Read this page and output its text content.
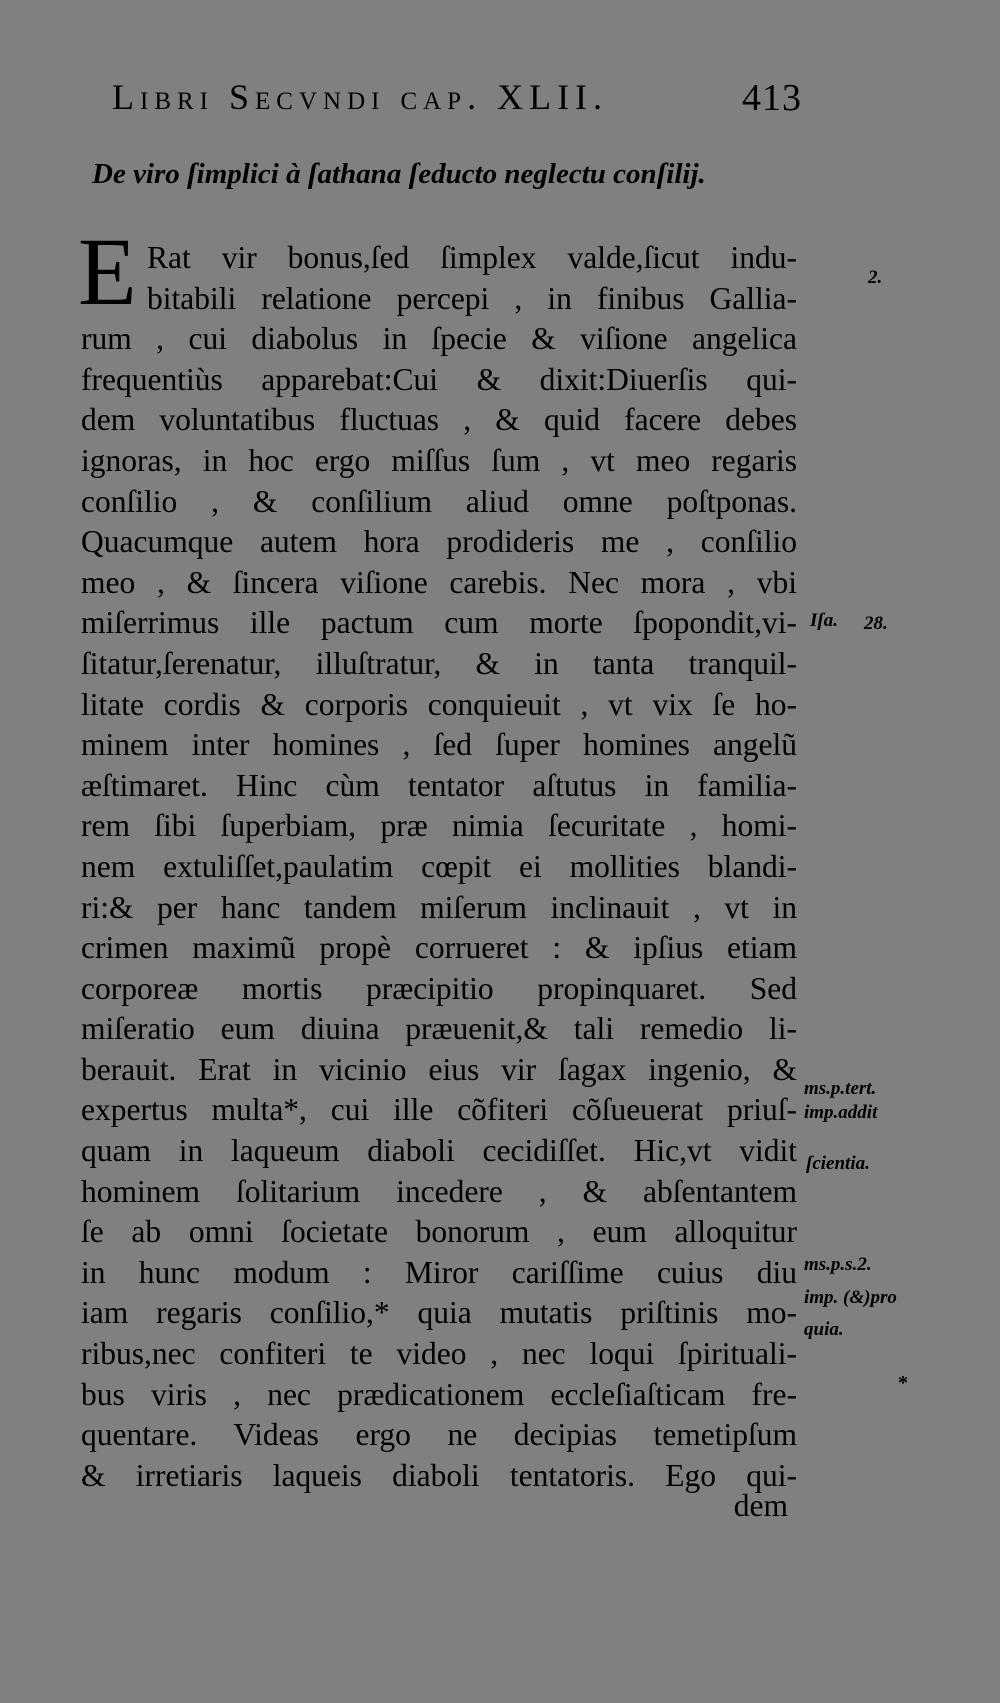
Libri Secvndi cap. XLII.	413
De viro ſimplici à ſathana ſeducto neglectu conſilij.
E Rat vir bonus,ſed ſimplex valde,ſicut indu-
bitabili relatione percepi , in finibus Gallia-
rum , cui diabolus in ſpecie & viſione angelica
frequentiùs apparebat:Cui & dixit:Diuerſis qui-
dem voluntatibus fluctuas , & quid facere debes
ignoras, in hoc ergo miſſus ſum , vt meo regaris
conſilio , & conſilium aliud omne poſtponas.
Quacumque autem hora prodideris me , conſilio
meo , & ſincera viſione carebis. Nec mora , vbi
miſerrimus ille pactum cum morte ſpopondit,vi-
ſitatur,ſerenatur, illuſtratur, & in tanta tranquil-
litate cordis & corporis conquieuit , vt vix ſe ho-
minem inter homines , ſed ſuper homines angelũ
æſtimaret. Hinc cùm tentator aſtutus in familia-
rem ſibi ſuperbiam, præ nimia ſecuritate , homi-
nem extuliſſet,paulatim cœpit ei mollities blandi-
ri:& per hanc tandem miſerum inclinauit , vt in
crimen maximũ propè corrueret : & ipſius etiam
corporeæ mortis præcipitio propinquaret. Sed
miſeratio eum diuina præuenit,& tali remedio li-
berauit. Erat in vicinio eius vir ſagax ingenio, &
expertus multa*, cui ille cõfiteri cõſueuerat priuſ-
quam in laqueum diaboli cecidiſſet. Hic,vt vidit
hominem ſolitarium incedere , & abſentantem
ſe ab omni ſocietate bonorum , eum alloquitur
in hunc modum : Miror cariſſime cuius diu
iam regaris conſilio,* quia mutatis priſtinis mo-
ribus,nec confiteri te video , nec loqui ſpirituali-
bus viris , nec prædicationem eccleſiaſticam fre-
quentare. Videas ergo ne decipias temetipſum
& irretiaris laqueis diaboli tentatoris. Ego qui-
dem
2.
Iſa. 28.
ms.p.tert.
imp.addit
ſcientia.
ms.p.s.2.
imp. (&)pro
quia.
*
